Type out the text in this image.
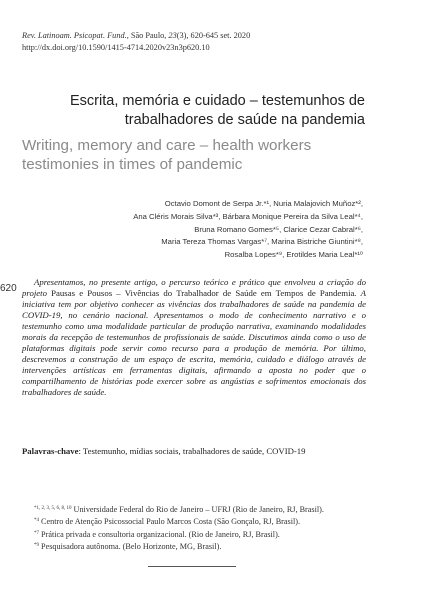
Rev. Latinoam. Psicopat. Fund., São Paulo, 23(3), 620-645 set. 2020
http://dx.doi.org/10.1590/1415-4714.2020v23n3p620.10
Escrita, memória e cuidado – testemunhos de trabalhadores de saúde na pandemia
Writing, memory and care – health workers testimonies in times of pandemic
Octavio Domont de Serpa Jr.*¹, Nuria Malajovich Muñoz*²,
Ana Cléris Morais Silva*³, Bárbara Monique Pereira da Silva Leal*⁴,
Bruna Romano Gomes*⁵, Clarice Cezar Cabral*⁶,
Maria Tereza Thomas Vargas*⁷, Marina Bistriche Giuntini*⁸,
Rosalba Lopes*⁹, Erotildes Maria Leal*¹⁰
620
Apresentamos, no presente artigo, o percurso teórico e prático que envolveu a criação do projeto Pausas e Pousos – Vivências do Trabalhador de Saúde em Tempos de Pandemia. A iniciativa tem por objetivo conhecer as vivências dos trabalhadores de saúde na pandemia de COVID-19, no cenário nacional. Apresentamos o modo de conhecimento narrativo e o testemunho como uma modalidade particular de produção narrativa, examinando modalidades morais da recepção de testemunhos de profissionais de saúde. Discutimos ainda como o uso de plataformas digitais pode servir como recurso para a produção de memória. Por último, descrevemos a construção de um espaço de escrita, memória, cuidado e diálogo através de intervenções artísticas em ferramentas digitais, afirmando a aposta no poder que o compartilhamento de histórias pode exercer sobre as angústias e sofrimentos emocionais dos trabalhadores de saúde.
Palavras-chave: Testemunho, mídias sociais, trabalhadores de saúde, COVID-19

$^{*1, 2, 3, 5, 6, 8, 10}$ Universidade Federal do Rio de Janeiro – UFRJ (Rio de Janeiro, RJ, Brasil).

$^{*4}$ Centro de Atenção Psicossocial Paulo Marcos Costa (São Gonçalo, RJ, Brasil).

$^{*7}$ Prática privada e consultoria organizacional. (Rio de Janeiro, RJ, Brasil).

$^{*9}$ Pesquisadora autônoma. (Belo Horizonte, MG, Brasil).
